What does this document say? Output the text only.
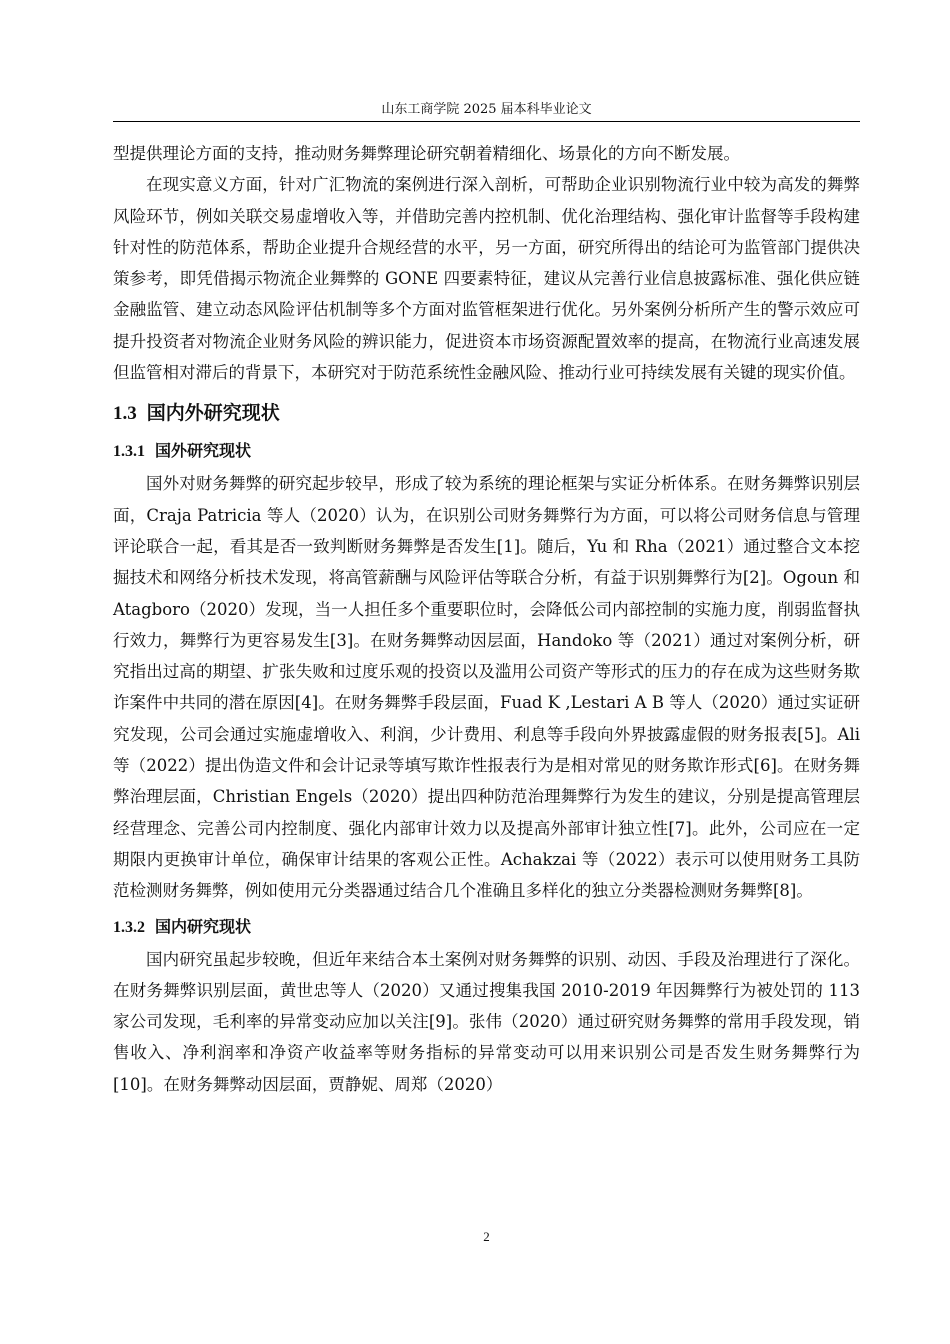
山东工商学院 2025 届本科毕业论文

型提供理论方面的支持，推动财务舞弊理论研究朝着精细化、场景化的方向不断发展。

在现实意义方面，针对广汇物流的案例进行深入剖析，可帮助企业识别物流行业中较为高发的舞弊风险环节，例如关联交易虚增收入等，并借助完善内控机制、优化治理结构、强化审计监督等手段构建针对性的防范体系，帮助企业提升合规经营的水平，另一方面，研究所得出的结论可为监管部门提供决策参考，即凭借揭示物流企业舞弊的 GONE 四要素特征，建议从完善行业信息披露标准、强化供应链金融监管、建立动态风险评估机制等多个方面对监管框架进行优化。另外案例分析所产生的警示效应可提升投资者对物流企业财务风险的辨识能力，促进资本市场资源配置效率的提高，在物流行业高速发展但监管相对滞后的背景下，本研究对于防范系统性金融风险、推动行业可持续发展有关键的现实价值。

1.3 国内外研究现状
1.3.1 国外研究现状

国外对财务舞弊的研究起步较早，形成了较为系统的理论框架与实证分析体系。在财务舞弊识别层面，Craja Patricia 等人（2020）认为，在识别公司财务舞弊行为方面，可以将公司财务信息与管理评论联合一起，看其是否一致判断财务舞弊是否发生[1]。随后，Yu 和 Rha（2021）通过整合文本挖掘技术和网络分析技术发现，将高管薪酬与风险评估等联合分析，有益于识别舞弊行为[2]。Ogoun 和 Atagboro（2020）发现，当一人担任多个重要职位时，会降低公司内部控制的实施力度，削弱监督执行效力，舞弊行为更容易发生[3]。在财务舞弊动因层面，Handoko 等（2021）通过对案例分析，研究指出过高的期望、扩张失败和过度乐观的投资以及滥用公司资产等形式的压力的存在成为这些财务欺诈案件中共同的潜在原因[4]。在财务舞弊手段层面，Fuad K ,Lestari A B 等人（2020）通过实证研究发现，公司会通过实施虚增收入、利润，少计费用、利息等手段向外界披露虚假的财务报表[5]。Ali 等（2022）提出伪造文件和会计记录等填写欺诈性报表行为是相对常见的财务欺诈形式[6]。在财务舞弊治理层面，Christian Engels（2020）提出四种防范治理舞弊行为发生的建议，分别是提高管理层经营理念、完善公司内控制度、强化内部审计效力以及提高外部审计独立性[7]。此外，公司应在一定期限内更换审计单位，确保审计结果的客观公正性。Achakzai 等（2022）表示可以使用财务工具防范检测财务舞弊，例如使用元分类器通过结合几个准确且多样化的独立分类器检测财务舞弊[8]。

1.3.2 国内研究现状

国内研究虽起步较晚，但近年来结合本土案例对财务舞弊的识别、动因、手段及治理进行了深化。在财务舞弊识别层面，黄世忠等人（2020）又通过搜集我国 2010-2019 年因舞弊行为被处罚的 113 家公司发现，毛利率的异常变动应加以关注[9]。张伟（2020）通过研究财务舞弊的常用手段发现，销售收入、净利润率和净资产收益率等财务指标的异常变动可以用来识别公司是否发生财务舞弊行为[10]。在财务舞弊动因层面，贾静妮、周郑（2020）

2
